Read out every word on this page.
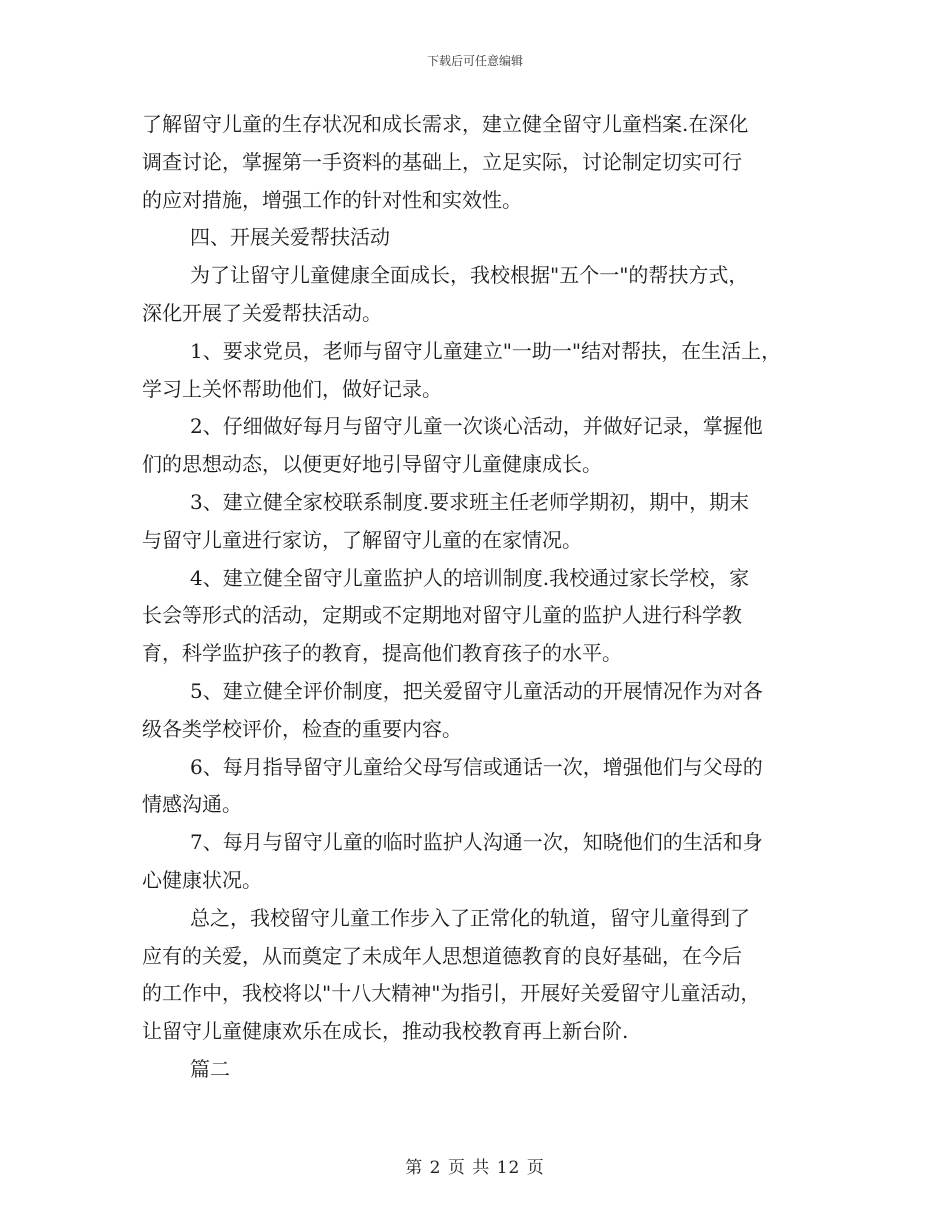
下载后可任意编辑
了解留守儿童的生存状况和成长需求，建立健全留守儿童档案.在深化
调查讨论，掌握第一手资料的基础上，立足实际，讨论制定切实可行
的应对措施，增强工作的针对性和实效性。
四、开展关爱帮扶活动
为了让留守儿童健康全面成长，我校根据"五个一"的帮扶方式，
深化开展了关爱帮扶活动。
1、要求党员，老师与留守儿童建立"一助一"结对帮扶，在生活上，
学习上关怀帮助他们，做好记录。
2、仔细做好每月与留守儿童一次谈心活动，并做好记录，掌握他
们的思想动态，以便更好地引导留守儿童健康成长。
3、建立健全家校联系制度.要求班主任老师学期初，期中，期末
与留守儿童进行家访，了解留守儿童的在家情况。
4、建立健全留守儿童监护人的培训制度.我校通过家长学校，家
长会等形式的活动，定期或不定期地对留守儿童的监护人进行科学教
育，科学监护孩子的教育，提高他们教育孩子的水平。
5、建立健全评价制度，把关爱留守儿童活动的开展情况作为对各
级各类学校评价，检查的重要内容。
6、每月指导留守儿童给父母写信或通话一次，增强他们与父母的
情感沟通。
7、每月与留守儿童的临时监护人沟通一次，知晓他们的生活和身
心健康状况。
总之，我校留守儿童工作步入了正常化的轨道，留守儿童得到了
应有的关爱，从而奠定了未成年人思想道德教育的良好基础，在今后
的工作中，我校将以"十八大精神"为指引，开展好关爱留守儿童活动，
让留守儿童健康欢乐在成长，推动我校教育再上新台阶.
篇二
第 2 页 共 12 页
